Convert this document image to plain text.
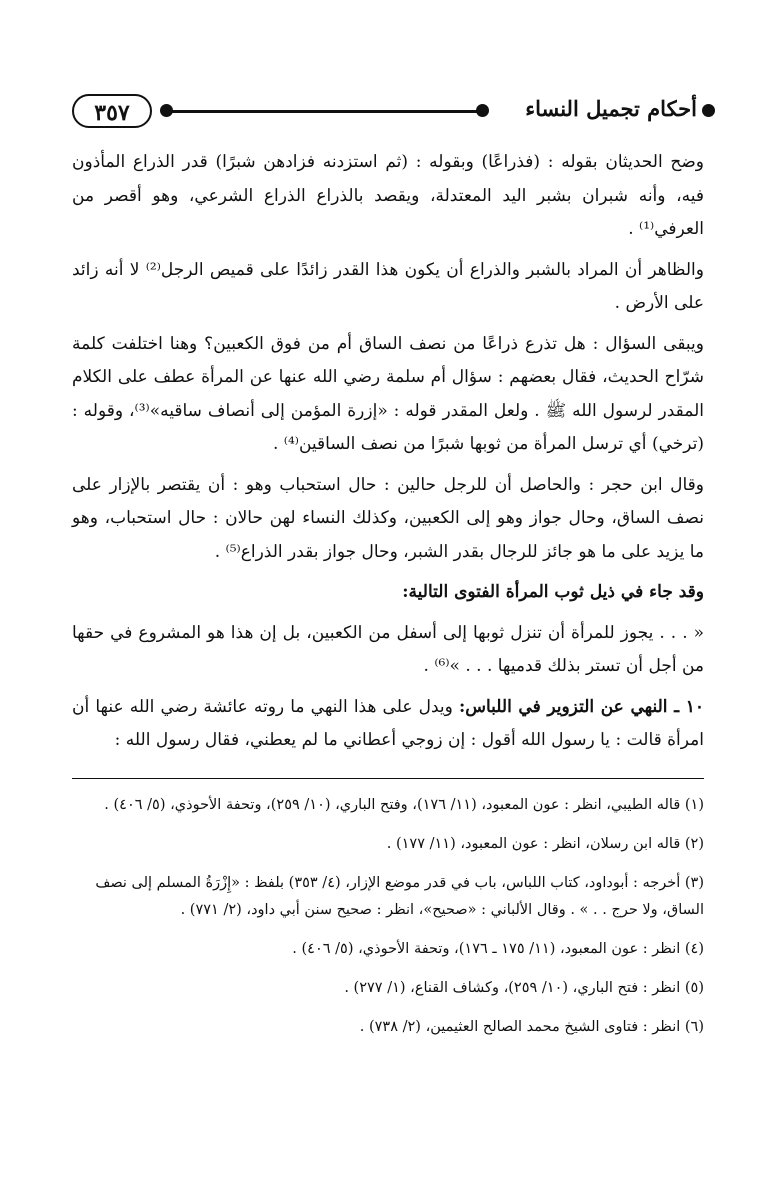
٣٥٧	أحكام تجميل النساء

وضح الحديثان بقوله : (فذراعًا) وبقوله : (ثم استزدنه فزادهن شبرًا) قدر الذراع المأذون فيه، وأنه شبران بشبر اليد المعتدلة، ويقصد بالذراع الذراع الشرعي، وهو أقصر من العرفي⁽¹⁾ .

والظاهر أن المراد بالشبر والذراع أن يكون هذا القدر زائدًا على قميص الرجل⁽²⁾ لا أنه زائد على الأرض .

ويبقى السؤال : هل تذرع ذراعًا من نصف الساق أم من فوق الكعبين؟ وهنا اختلفت كلمة شرّاح الحديث، فقال بعضهم : سؤال أم سلمة رضي الله عنها عن المرأة عطف على الكلام المقدر لرسول الله ﷺ . ولعل المقدر قوله : «إزرة المؤمن إلى أنصاف ساقيه»⁽³⁾، وقوله : (ترخي) أي ترسل المرأة من ثوبها شبرًا من نصف الساقين⁽⁴⁾ .

وقال ابن حجر : والحاصل أن للرجل حالين : حال استحباب وهو : أن يقتصر بالإزار على نصف الساق، وحال جواز وهو إلى الكعبين، وكذلك النساء لهن حالان : حال استحباب، وهو ما يزيد على ما هو جائز للرجال بقدر الشبر، وحال جواز بقدر الذراع⁽⁵⁾ .

وقد جاء في ذيل ثوب المرأة الفتوى التالية:

« . . . يجوز للمرأة أن تنزل ثوبها إلى أسفل من الكعبين، بل إن هذا هو المشروع في حقها من أجل أن تستر بذلك قدميها . . . »⁽⁶⁾ .

١٠ ـ النهي عن التزوير في اللباس: ويدل على هذا النهي ما روته عائشة رضي الله عنها أن امرأة قالت : يا رسول الله أقول : إن زوجي أعطاني ما لم يعطني، فقال رسول الله :

(١) قاله الطيبي، انظر : عون المعبود، (١١/ ١٧٦)، وفتح الباري، (١٠/ ٢٥٩)، وتحفة الأحوذي، (٥/ ٤٠٦) .

(٢) قاله ابن رسلان، انظر : عون المعبود، (١١/ ١٧٧) .

(٣) أخرجه : أبوداود، كتاب اللباس، باب في قدر موضع الإزار، (٤/ ٣٥٣) بلفظ : «إِزْرَةُ المسلم إلى نصف الساق، ولا حرج . . » . وقال الألباني : «صحيح»، انظر : صحيح سنن أبي داود، (٢/ ٧٧١) .

(٤) انظر : عون المعبود، (١١/ ١٧٥ ـ ١٧٦)، وتحفة الأحوذي، (٥/ ٤٠٦) .

(٥) انظر : فتح الباري، (١٠/ ٢٥٩)، وكشاف القناع، (١/ ٢٧٧) .

(٦) انظر : فتاوى الشيخ محمد الصالح العثيمين، (٢/ ٧٣٨) .
